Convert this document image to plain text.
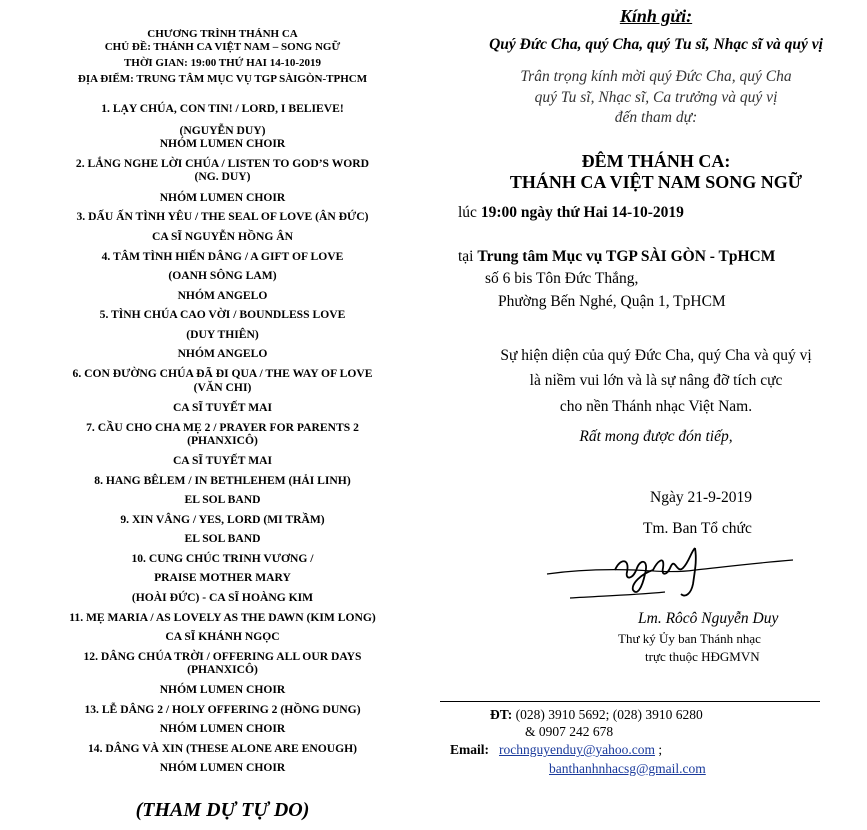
CHƯƠNG TRÌNH THÁNH CA
CHỦ ĐỀ: THÁNH CA VIỆT NAM – SONG NGỮ
THỜI GIAN: 19:00 THỨ HAI 14-10-2019
ĐỊA ĐIỂM: TRUNG TÂM MỤC VỤ TGP SÀIGÒN-TPHCM
1. LẠY CHÚA, CON TIN! / LORD, I BELIEVE!
(NGUYỄN DUY)
NHÓM LUMEN CHOIR
2. LẮNG NGHE LỜI CHÚA / LISTEN TO GOD’S WORD
(NG. DUY)
NHÓM LUMEN CHOIR
3. DẤU ẤN TÌNH YÊU / THE SEAL OF LOVE (ÂN ĐỨC)
CA SĨ NGUYỄN HỒNG ÂN
4. TÂM TÌNH HIẾN DÂNG / A GIFT OF LOVE
(OANH SÔNG LAM)
NHÓM ANGELO
5. TÌNH CHÚA CAO VỜI / BOUNDLESS LOVE
(DUY THIÊN)
NHÓM ANGELO
6. CON ĐƯỜNG CHÚA ĐÃ ĐI QUA / THE WAY OF LOVE
(VĂN CHI)
CA SĨ TUYẾT MAI
7. CẦU CHO CHA MẸ 2 / PRAYER FOR PARENTS 2
(PHANXICÔ)
CA SĨ TUYẾT MAI
8. HANG BÊLEM / IN BETHLEHEM (HẢI LINH)
EL SOL BAND
9. XIN VÂNG / YES, LORD (MI TRẦM)
EL SOL BAND
10. CUNG CHÚC TRINH VƯƠNG /
PRAISE MOTHER MARY
(HOÀI ĐỨC) - CA SĨ HOÀNG KIM
11. MẸ MARIA / AS LOVELY AS THE DAWN (KIM LONG)
CA SĨ KHÁNH NGỌC
12. DÂNG CHÚA TRỜI / OFFERING ALL OUR DAYS
(PHANXICÔ)
NHÓM LUMEN CHOIR
13. LỄ DÂNG 2 / HOLY OFFERING 2 (HỒNG DUNG)
NHÓM LUMEN CHOIR
14. DÂNG VÀ XIN (THESE ALONE ARE ENOUGH)
NHÓM LUMEN CHOIR
(THAM DỰ TỰ DO)
Kính gửi:
Quý Đức Cha, quý Cha, quý Tu sĩ, Nhạc sĩ và quý vị
Trân trọng kính mời quý Đức Cha, quý Cha
quý Tu sĩ, Nhạc sĩ, Ca trưởng và quý vị
đến tham dự:
ĐÊM THÁNH CA:
THÁNH CA VIỆT NAM SONG NGỮ
lúc 19:00 ngày thứ Hai 14-10-2019
tại Trung tâm Mục vụ TGP SÀI GÒN - TpHCM
số 6 bis Tôn Đức Thắng,
Phường Bến Nghé, Quận 1, TpHCM
Sự hiện diện của quý Đức Cha, quý Cha và quý vị
là niềm vui lớn và là sự nâng đỡ tích cực
cho nền Thánh nhạc Việt Nam.
Rất mong được đón tiếp,
Ngày 21-9-2019
Tm. Ban Tổ chức
Lm. Rôcô Nguyễn Duy
Thư ký Ủy ban Thánh nhạc
trực thuộc HĐGMVN
ĐT: (028) 3910 5692; (028) 3910 6280
& 0907 242 678
Email: rochnguyenduy@yahoo.com ;
banthanhnhacsg@gmail.com
